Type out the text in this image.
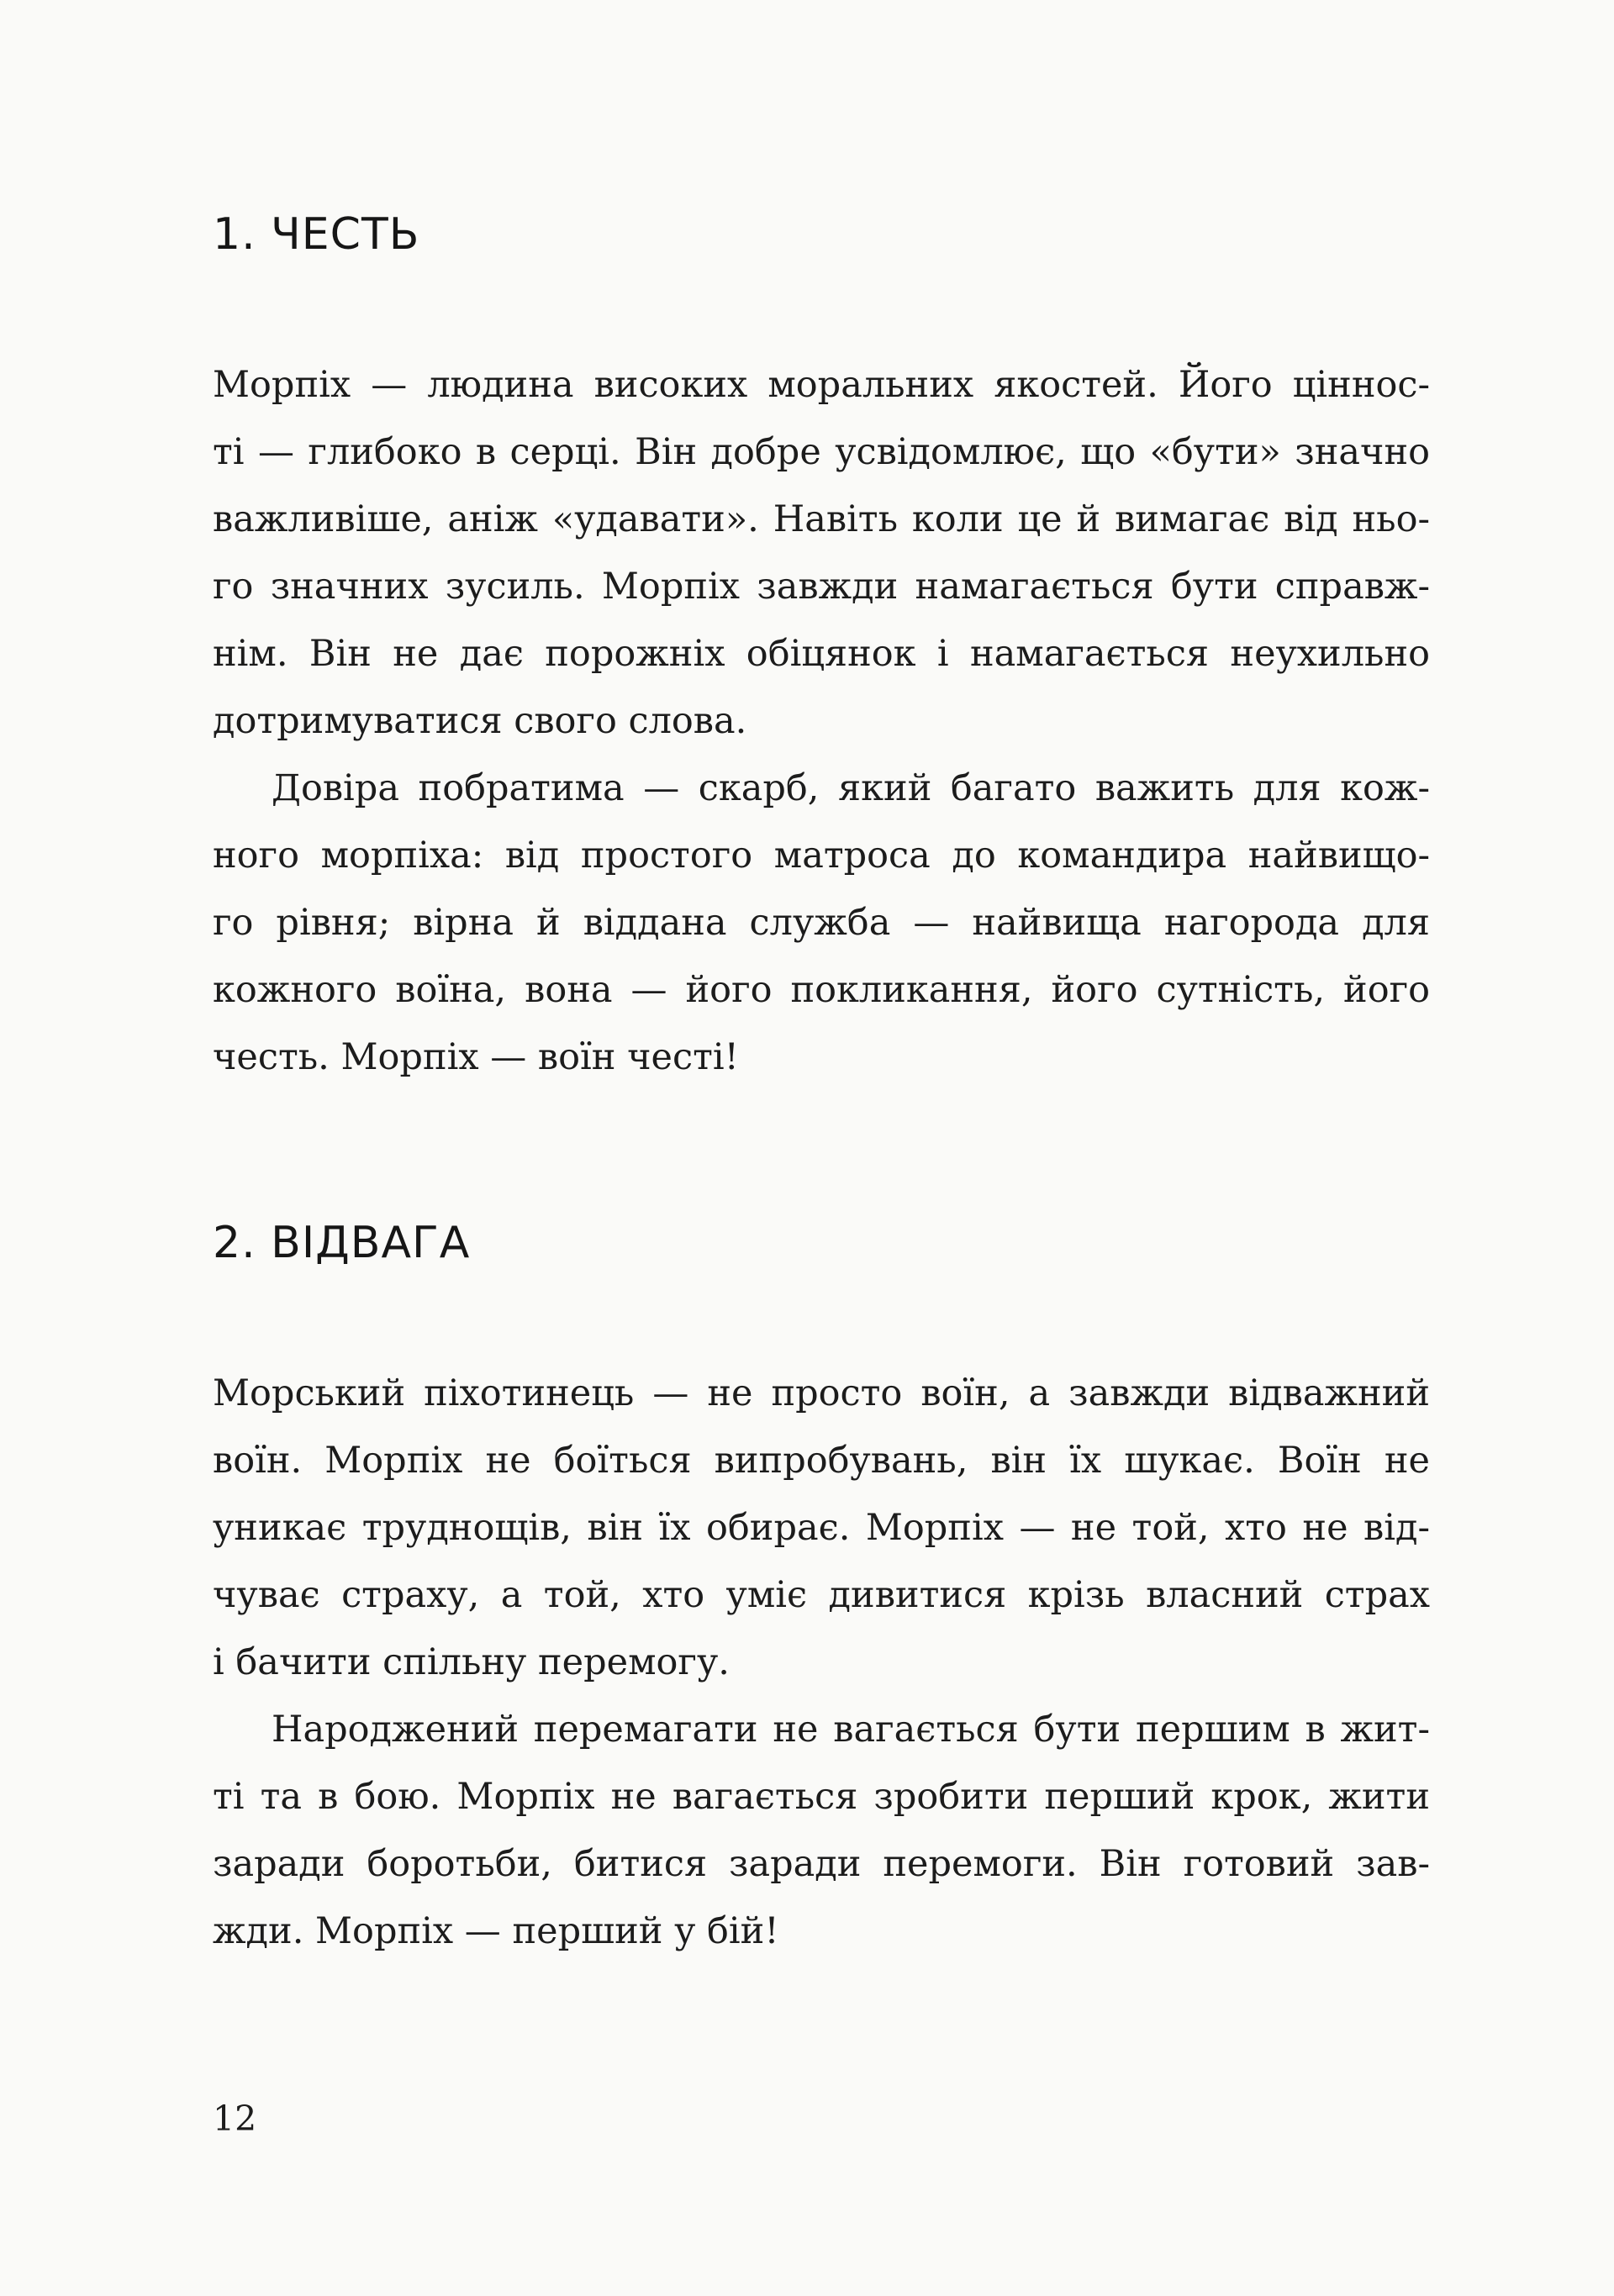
1. ЧЕСТЬ
Морпіх — людина високих моральних якостей. Його ціннос-
ті — глибоко в серці. Він добре усвідомлює, що «бути» значно
важливіше, аніж «удавати». Навіть коли це й вимагає від ньо-
го значних зусиль. Морпіх завжди намагається бути справж-
нім. Він не дає порожніх обіцянок і намагається неухильно
дотримуватися свого слова.
Довіра побратима — скарб, який багато важить для кож-
ного морпіха: від простого матроса до командира найвищо-
го рівня; вірна й віддана служба — найвища нагорода для
кожного воїна, вона — його покликання, його сутність, його
честь. Морпіх — воїн честі!
2. ВІДВАГА
Морський піхотинець — не просто воїн, а завжди відважний
воїн. Морпіх не боїться випробувань, він їх шукає. Воїн не
уникає труднощів, він їх обирає. Морпіх — не той, хто не від-
чуває страху, а той, хто уміє дивитися крізь власний страх
і бачити спільну перемогу.
Народжений перемагати не вагається бути першим в жит-
ті та в бою. Морпіх не вагається зробити перший крок, жити
заради боротьби, битися заради перемоги. Він готовий зав-
жди. Морпіх — перший у бій!
12
